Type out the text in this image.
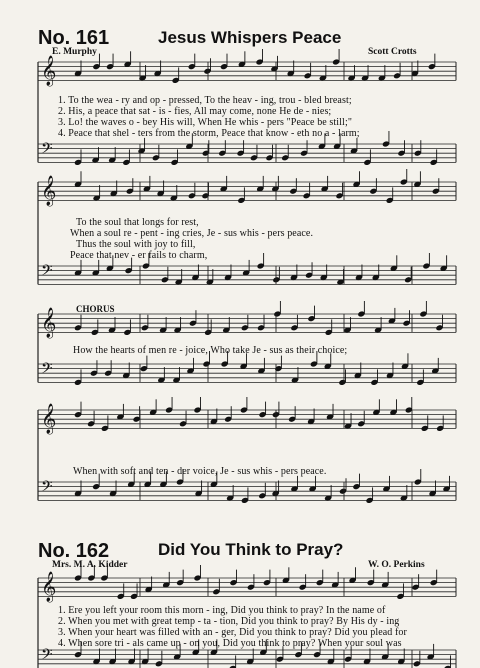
𝄞
𝄢
𝄞
𝄢
𝄞
𝄢
𝄞
𝄢
𝄞
𝄢
No. 161	Jesus Whispers Peace
E. Murphy	Scott Crotts
1. To the wea - ry and op - pressed, To the heav - ing, trou - bled breast;
2. His, a peace that sat - is - fies, All may come, none He de - nies;
3. Lo! the waves o - bey His will, When He whis - pers "Peace be still;"
4. Peace that shel - ters from the storm, Peace that know - eth no a - larm;
To the soul that longs for rest,
When a soul re - pent - ing cries, Je - sus whis - pers peace.
Thus the soul with joy to fill,
Peace that nev - er fails to charm,
CHORUS
How the hearts of men re - joice, Who take Je - sus as their choice;
When with soft and ten - der voice, Je - sus whis - pers peace.
No. 162	Did You Think to Pray?
Mrs. M. A. Kidder	W. O. Perkins
1. Ere you left your room this morn - ing, Did you think to pray? In the name of
2. When you met with great temp - ta - tion, Did you think to pray? By His dy - ing
3. When your heart was filled with an - ger, Did you think to pray? Did you plead for
4. When sore tri - als came up - on you, Did you think to pray? When your soul was
